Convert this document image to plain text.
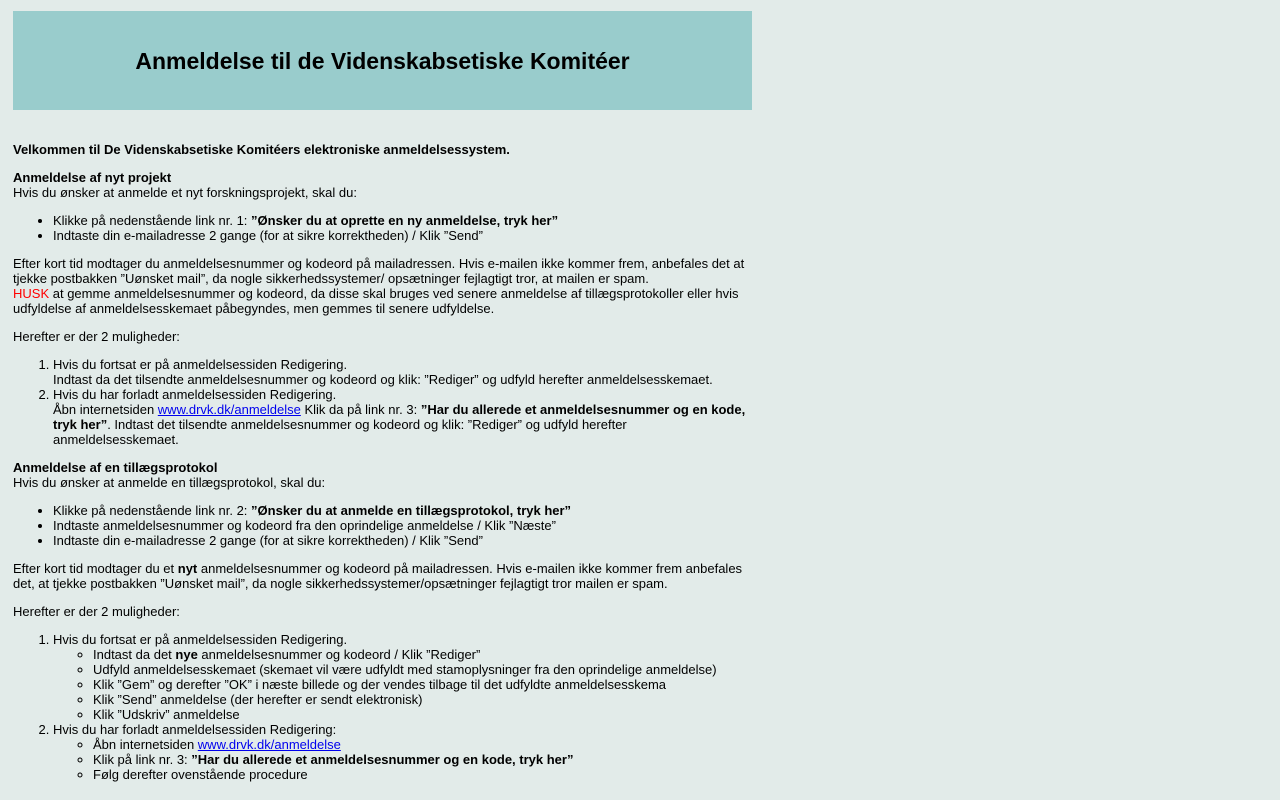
Anmeldelse til de Videnskabsetiske Komitéer

Velkommen til De Videnskabsetiske Komitéers elektroniske anmeldelsessystem.

Anmeldelse af nyt projekt
Hvis du ønsker at anmelde et nyt forskningsprojekt, skal du:

• Klikke på nedenstående link nr. 1: ”Ønsker du at oprette en ny anmeldelse, tryk her”
• Indtaste din e-mailadresse 2 gange (for at sikre korrektheden) / Klik ”Send”

Efter kort tid modtager du anmeldelsesnummer og kodeord på mailadressen. Hvis e-mailen ikke kommer frem, anbefales det at tjekke postbakken ”Uønsket mail”, da nogle sikkerhedssystemer/ opsætninger fejlagtigt tror, at mailen er spam.
HUSK at gemme anmeldelsesnummer og kodeord, da disse skal bruges ved senere anmeldelse af tillægsprotokoller eller hvis udfyldelse af anmeldelsesskemaet påbegyndes, men gemmes til senere udfyldelse.

Herefter er der 2 muligheder:

1. Hvis du fortsat er på anmeldelsessiden Redigering.
Indtast da det tilsendte anmeldelsesnummer og kodeord og klik: ”Rediger” og udfyld herefter anmeldelsesskemaet.
2. Hvis du har forladt anmeldelsessiden Redigering.
Åbn internetsiden www.drvk.dk/anmeldelse Klik da på link nr. 3: ”Har du allerede et anmeldelsesnummer og en kode, tryk her”. Indtast det tilsendte anmeldelsesnummer og kodeord og klik: ”Rediger” og udfyld herefter anmeldelsesskemaet.

Anmeldelse af en tillægsprotokol
Hvis du ønsker at anmelde en tillægsprotokol, skal du:

• Klikke på nedenstående link nr. 2: ”Ønsker du at anmelde en tillægsprotokol, tryk her”
• Indtaste anmeldelsesnummer og kodeord fra den oprindelige anmeldelse / Klik ”Næste”
• Indtaste din e-mailadresse 2 gange (for at sikre korrektheden) / Klik ”Send”

Efter kort tid modtager du et nyt anmeldelsesnummer og kodeord på mailadressen. Hvis e-mailen ikke kommer frem anbefales det, at tjekke postbakken ”Uønsket mail”, da nogle sikkerhedssystemer/opsætninger fejlagtigt tror mailen er spam.

Herefter er der 2 muligheder:

1. Hvis du fortsat er på anmeldelsessiden Redigering.
◦ Indtast da det nye anmeldelsesnummer og kodeord / Klik ”Rediger”
◦ Udfyld anmeldelsesskemaet (skemaet vil være udfyldt med stamoplysninger fra den oprindelige anmeldelse)
◦ Klik ”Gem” og derefter ”OK” i næste billede og der vendes tilbage til det udfyldte anmeldelsesskema
◦ Klik ”Send” anmeldelse (der herefter er sendt elektronisk)
◦ Klik ”Udskriv” anmeldelse
2. Hvis du har forladt anmeldelsessiden Redigering:
◦ Åbn internetsiden www.drvk.dk/anmeldelse
◦ Klik på link nr. 3: ”Har du allerede et anmeldelsesnummer og en kode, tryk her”
◦ Følg derefter ovenstående procedure
